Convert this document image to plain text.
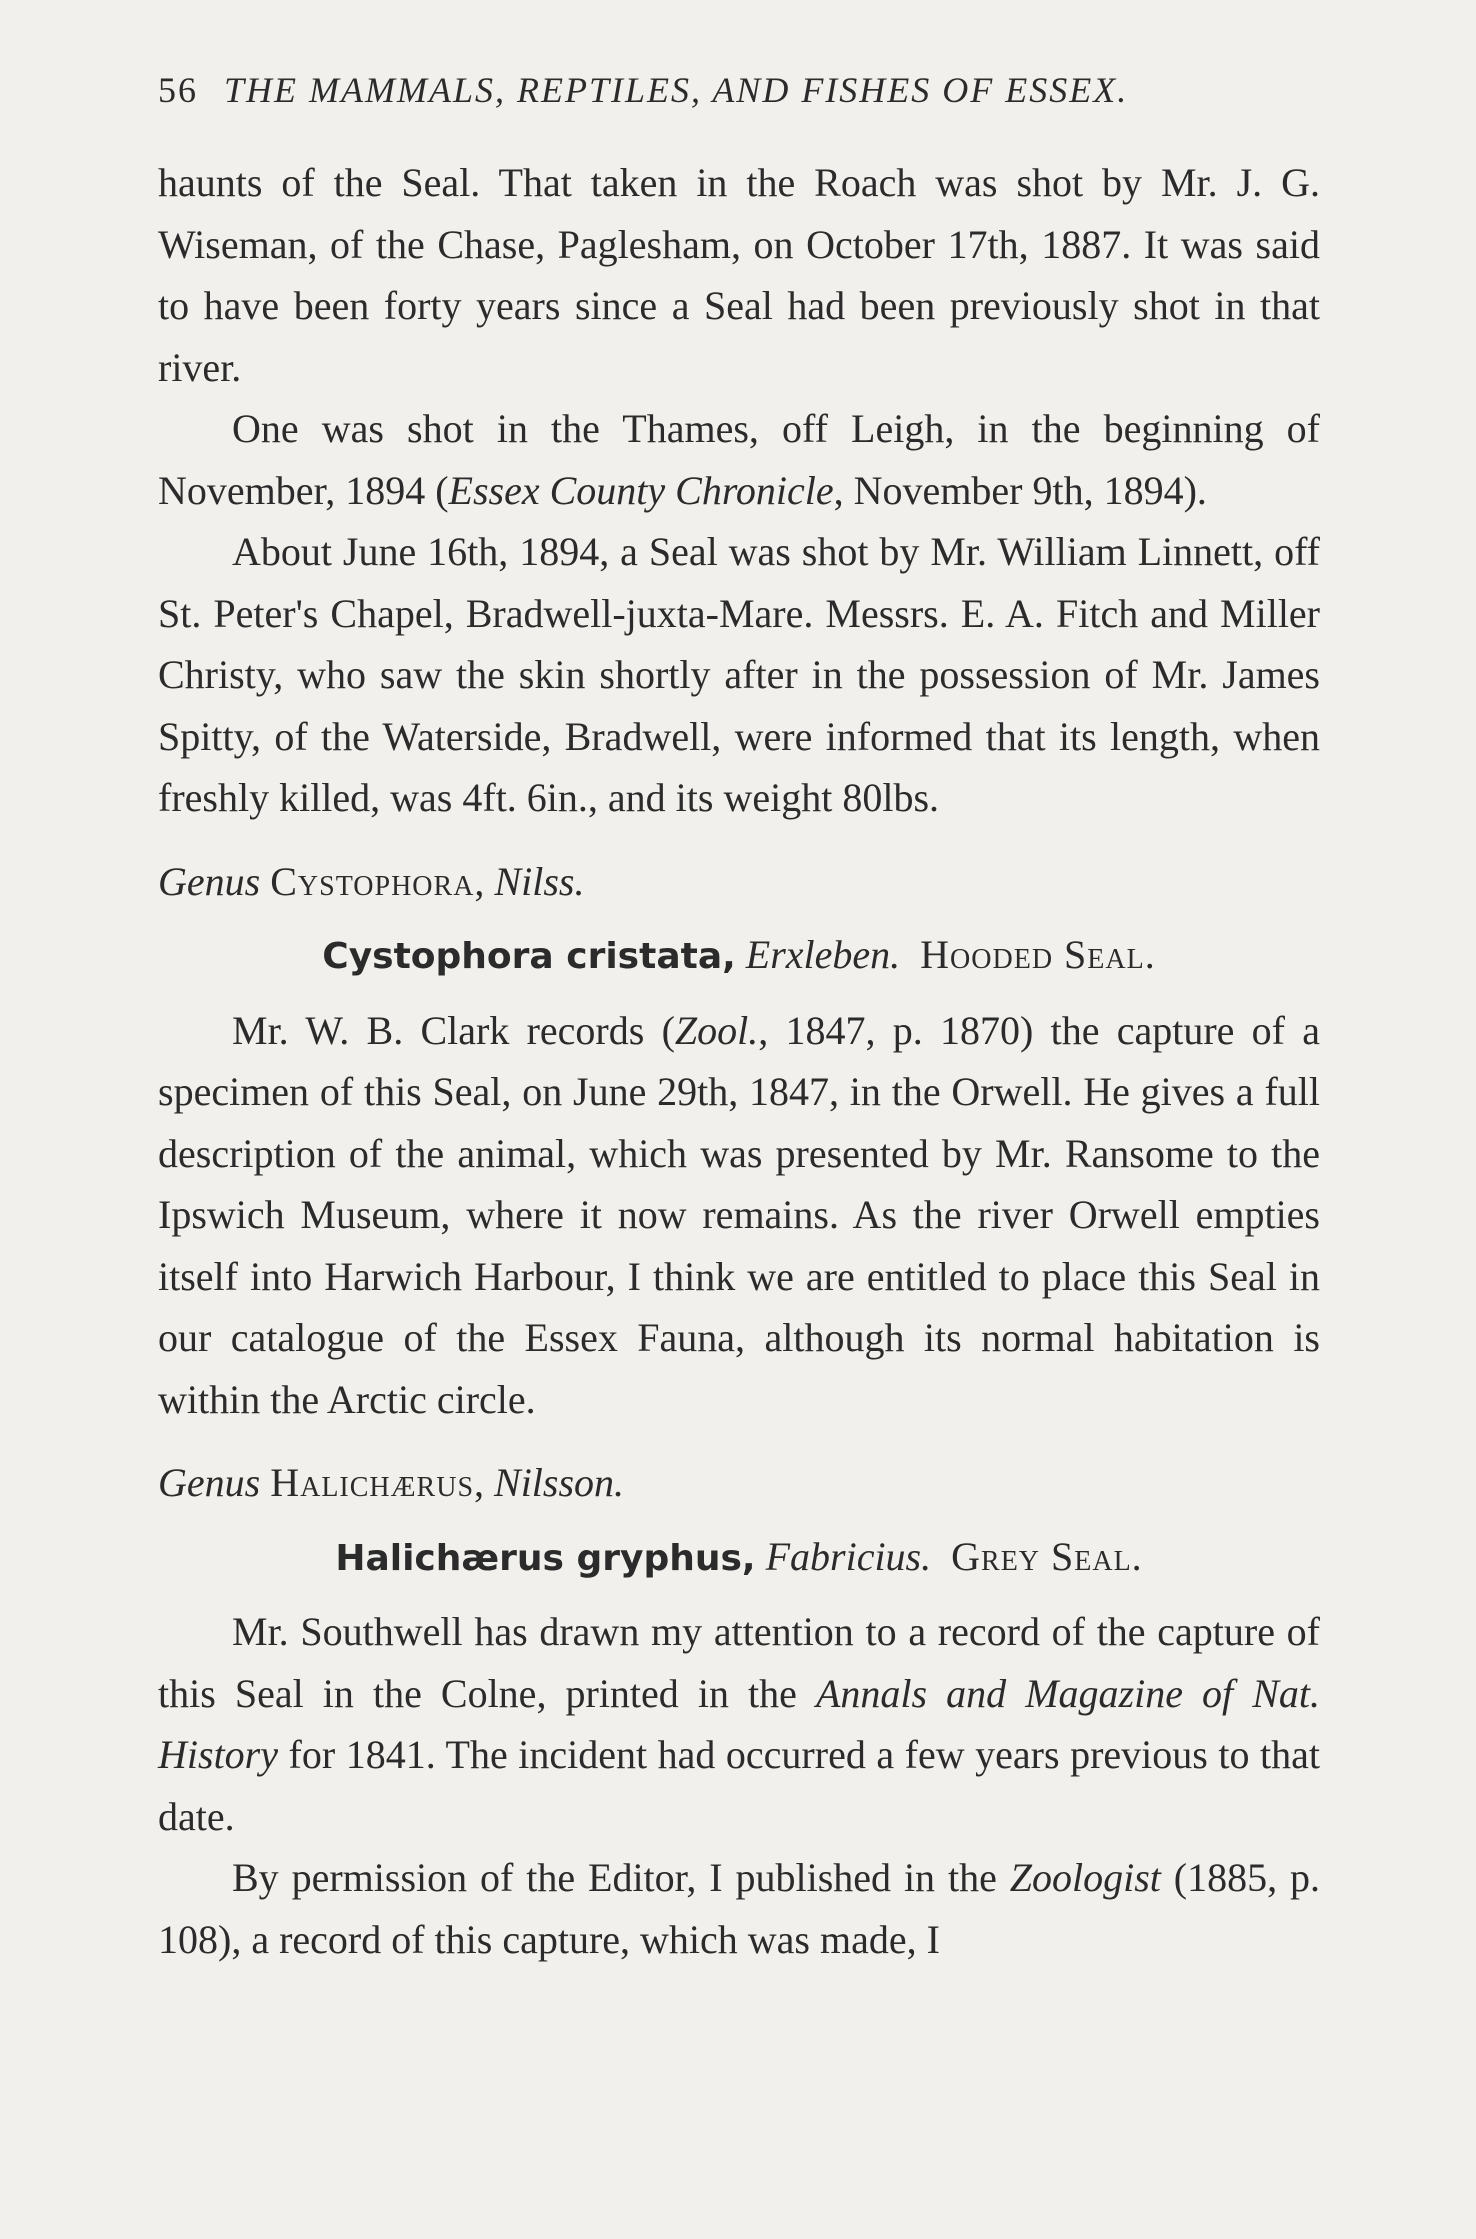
56 THE MAMMALS, REPTILES, AND FISHES OF ESSEX.

haunts of the Seal. That taken in the Roach was shot by Mr. J. G. Wiseman, of the Chase, Paglesham, on October 17th, 1887. It was said to have been forty years since a Seal had been previously shot in that river.

One was shot in the Thames, off Leigh, in the beginning of November, 1894 (Essex County Chronicle, November 9th, 1894).

About June 16th, 1894, a Seal was shot by Mr. William Linnett, off St. Peter's Chapel, Bradwell-juxta-Mare. Messrs. E. A. Fitch and Miller Christy, who saw the skin shortly after in the possession of Mr. James Spitty, of the Waterside, Bradwell, were informed that its length, when freshly killed, was 4ft. 6in., and its weight 80lbs.

Genus Cystophora, Nilss.

Cystophora cristata, Erxleben. Hooded Seal.

Mr. W. B. Clark records (Zool., 1847, p. 1870) the capture of a specimen of this Seal, on June 29th, 1847, in the Orwell. He gives a full description of the animal, which was presented by Mr. Ransome to the Ipswich Museum, where it now remains. As the river Orwell empties itself into Harwich Harbour, I think we are entitled to place this Seal in our catalogue of the Essex Fauna, although its normal habitation is within the Arctic circle.

Genus Halichærus, Nilsson.

Halichærus gryphus, Fabricius. Grey Seal.

Mr. Southwell has drawn my attention to a record of the capture of this Seal in the Colne, printed in the Annals and Magazine of Nat. History for 1841. The incident had occurred a few years previous to that date.

By permission of the Editor, I published in the Zoologist (1885, p. 108), a record of this capture, which was made, I
